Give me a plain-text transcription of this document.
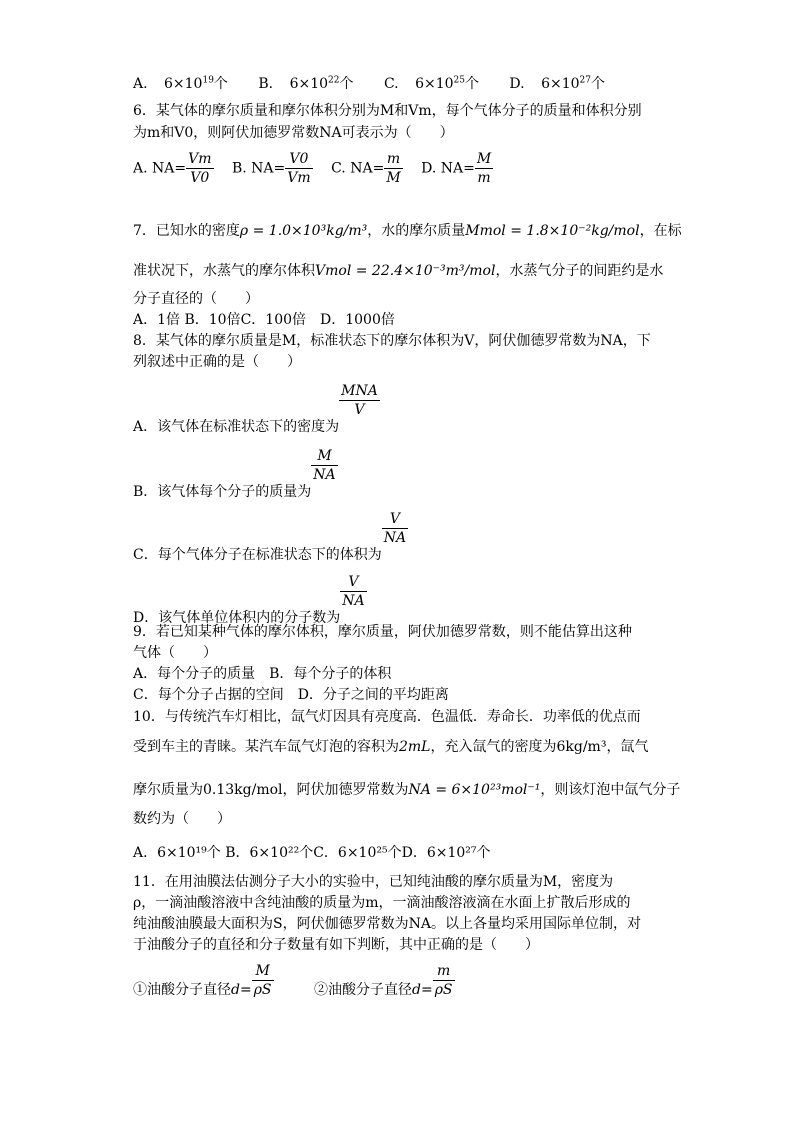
A. $6\times 10^{19}$个 B. $6\times 10^{22}$个 C. $6\times 10^{25}$个 D. $6\times 10^{27}$个
6．某气体的摩尔质量和摩尔体积分别为M和Vm，每个气体分子的质量和体积分别
为m和V0，则阿伏加德罗常数NA可表示为（　　）
A. $NA= \frac{Vm}{V0} B$. $NA= \frac{V0}{Vm} C$. $NA= \frac{m}{M} D$. $NA= \frac{M}{m}$
7．已知水的密度ρ = 1.0×10³kg/m³，水的摩尔质量Mmol = 1.8×10⁻²kg/mol，在标
准状况下，水蒸气的摩尔体积Vmol = 22.4×10⁻³m³/mol，水蒸气分子的间距约是水
分子直径的（　　）
A．1倍 B．10倍C．100倍　D．1000倍
8．某气体的摩尔质量是M，标准状态下的摩尔体积为V，阿伏伽德罗常数为NA，下
列叙述中正确的是（　　）
A．该气体在标准状态下的密度为
$\frac{\text{MNA}}{V}$
B．该气体每个分子的质量为
$\frac{M}{NA}$
C．每个气体分子在标准状态下的体积为
$\frac{V}{NA}$
D．该气体单位体积内的分子数为
$\frac{V}{NA}$
9．若已知某种气体的摩尔体积，摩尔质量，阿伏加德罗常数，则不能估算出这种
气体（　　）
A．每个分子的质量　B．每个分子的体积
C．每个分子占据的空间　D．分子之间的平均距离
10．与传统汽车灯相比，氙气灯因具有亮度高．色温低．寿命长．功率低的优点而
受到车主的青睐。某汽车氙气灯泡的容积为2mL，充入氙气的密度为6kg/m³，氙气
摩尔质量为0.13kg/mol，阿伏加德罗常数为NA = 6×10²³mol⁻¹，则该灯泡中氙气分子
数约为（　　）
A．6×10¹⁹个 B．6×10²²个C．6×10²⁵个D．6×10²⁷个
11．在用油膜法估测分子大小的实验中，已知纯油酸的摩尔质量为M，密度为
ρ，一滴油酸溶液中含纯油酸的质量为m，一滴油酸溶液滴在水面上扩散后形成的
纯油酸油膜最大面积为S，阿伏伽德罗常数为NA。以上各量均采用国际单位制，对
于油酸分子的直径和分子数量有如下判断，其中正确的是（　　）
①油酸分子直径$d= \frac{M}{\rho S}$	②油酸分子直径$d= \frac{m}{\rho S}$
